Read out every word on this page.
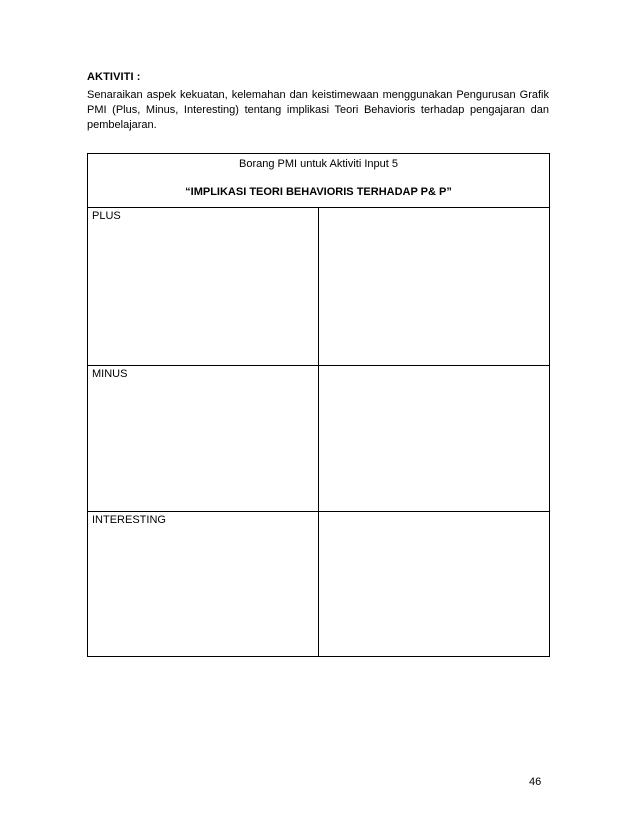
AKTIVITI :
Senaraikan aspek kekuatan, kelemahan dan keistimewaan menggunakan Pengurusan Grafik PMI (Plus, Minus, Interesting) tentang implikasi Teori Behavioris terhadap pengajaran dan pembelajaran.
Borang PMI untuk Aktiviti Input 5
“IMPLIKASI TEORI BEHAVIORIS TERHADAP P& P”	

PLUS	

MINUS	

INTERESTING	

46
